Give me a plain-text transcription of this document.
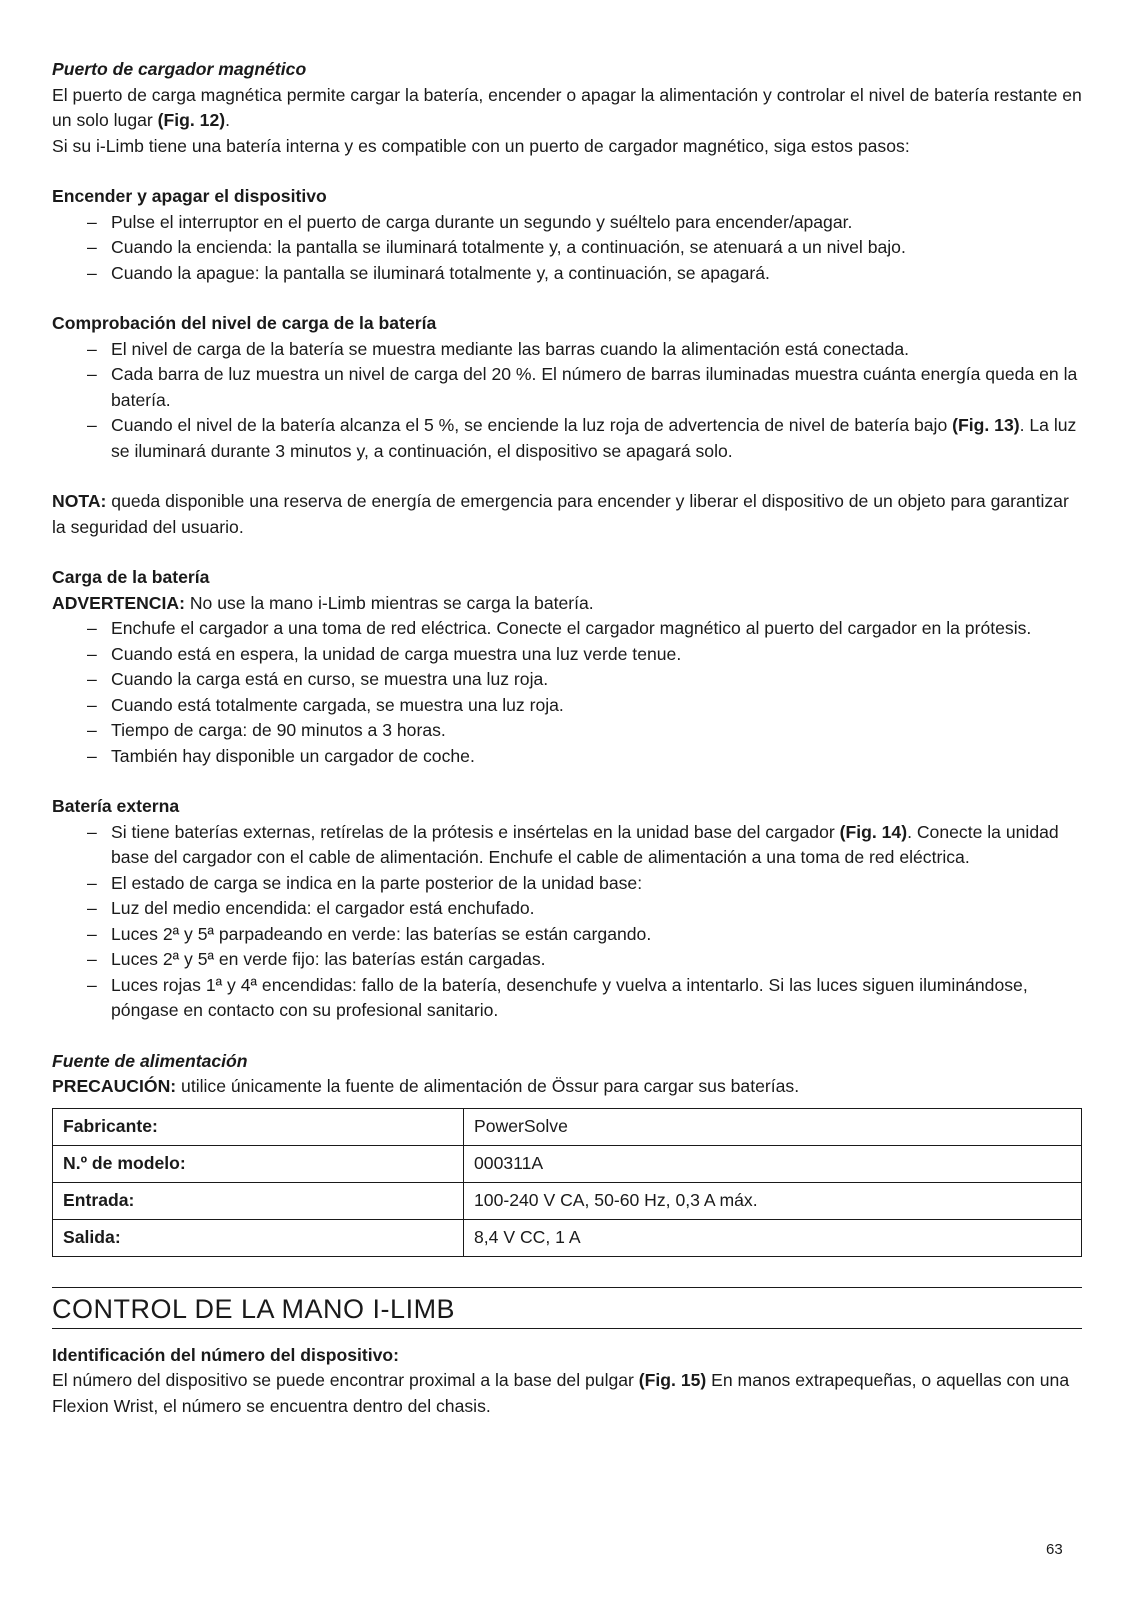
Puerto de cargador magnético

El puerto de carga magnética permite cargar la batería, encender o apagar la alimentación y controlar el nivel de batería restante en un solo lugar (Fig. 12).

Si su i-Limb tiene una batería interna y es compatible con un puerto de cargador magnético, siga estos pasos:

Encender y apagar el dispositivo

– Pulse el interruptor en el puerto de carga durante un segundo y suéltelo para encender/apagar.
– Cuando la encienda: la pantalla se iluminará totalmente y, a continuación, se atenuará a un nivel bajo.
– Cuando la apague: la pantalla se iluminará totalmente y, a continuación, se apagará.

Comprobación del nivel de carga de la batería

– El nivel de carga de la batería se muestra mediante las barras cuando la alimentación está conectada.
– Cada barra de luz muestra un nivel de carga del 20 %. El número de barras iluminadas muestra cuánta energía queda en la batería.
– Cuando el nivel de la batería alcanza el 5 %, se enciende la luz roja de advertencia de nivel de batería bajo (Fig. 13). La luz se iluminará durante 3 minutos y, a continuación, el dispositivo se apagará solo.

NOTA: queda disponible una reserva de energía de emergencia para encender y liberar el dispositivo de un objeto para garantizar la seguridad del usuario.

Carga de la batería

ADVERTENCIA: No use la mano i-Limb mientras se carga la batería.

– Enchufe el cargador a una toma de red eléctrica. Conecte el cargador magnético al puerto del cargador en la prótesis.
– Cuando está en espera, la unidad de carga muestra una luz verde tenue.
– Cuando la carga está en curso, se muestra una luz roja.
– Cuando está totalmente cargada, se muestra una luz roja.
– Tiempo de carga: de 90 minutos a 3 horas.
– También hay disponible un cargador de coche.

Batería externa

– Si tiene baterías externas, retírelas de la prótesis e insértelas en la unidad base del cargador (Fig. 14). Conecte la unidad base del cargador con el cable de alimentación. Enchufe el cable de alimentación a una toma de red eléctrica.
– El estado de carga se indica en la parte posterior de la unidad base:
– Luz del medio encendida: el cargador está enchufado.
– Luces 2ª y 5ª parpadeando en verde: las baterías se están cargando.
– Luces 2ª y 5ª en verde fijo: las baterías están cargadas.
– Luces rojas 1ª y 4ª encendidas: fallo de la batería, desenchufe y vuelva a intentarlo. Si las luces siguen iluminándose, póngase en contacto con su profesional sanitario.

Fuente de alimentación

PRECAUCIÓN: utilice únicamente la fuente de alimentación de Össur para cargar sus baterías.

Fabricante:	PowerSolve
N.º de modelo:	000311A
Entrada:	100-240 V CA, 50-60 Hz, 0,3 A máx.
Salida:	8,4 V CC, 1 A
CONTROL DE LA MANO I-LIMB

Identificación del número del dispositivo:

El número del dispositivo se puede encontrar proximal a la base del pulgar (Fig. 15) En manos extrapequeñas, o aquellas con una Flexion Wrist, el número se encuentra dentro del chasis.

63
